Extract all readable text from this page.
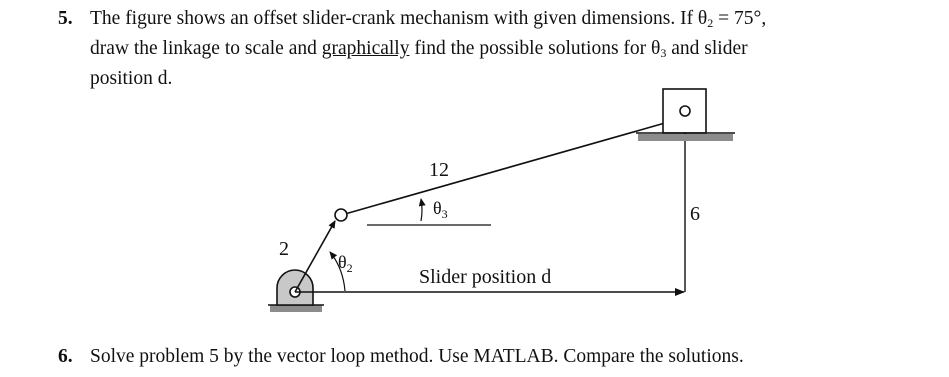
5. The figure shows an offset slider-crank mechanism with given dimensions. If $\theta_2 = 75^\circ$,
draw the linkage to scale and graphically find the possible solutions for $\theta_3$ and slider
position d.
12
2
6
$\theta_2$
$\theta_3$
Slider position d
6. Solve problem 5 by the vector loop method. Use MATLAB. Compare the solutions.
